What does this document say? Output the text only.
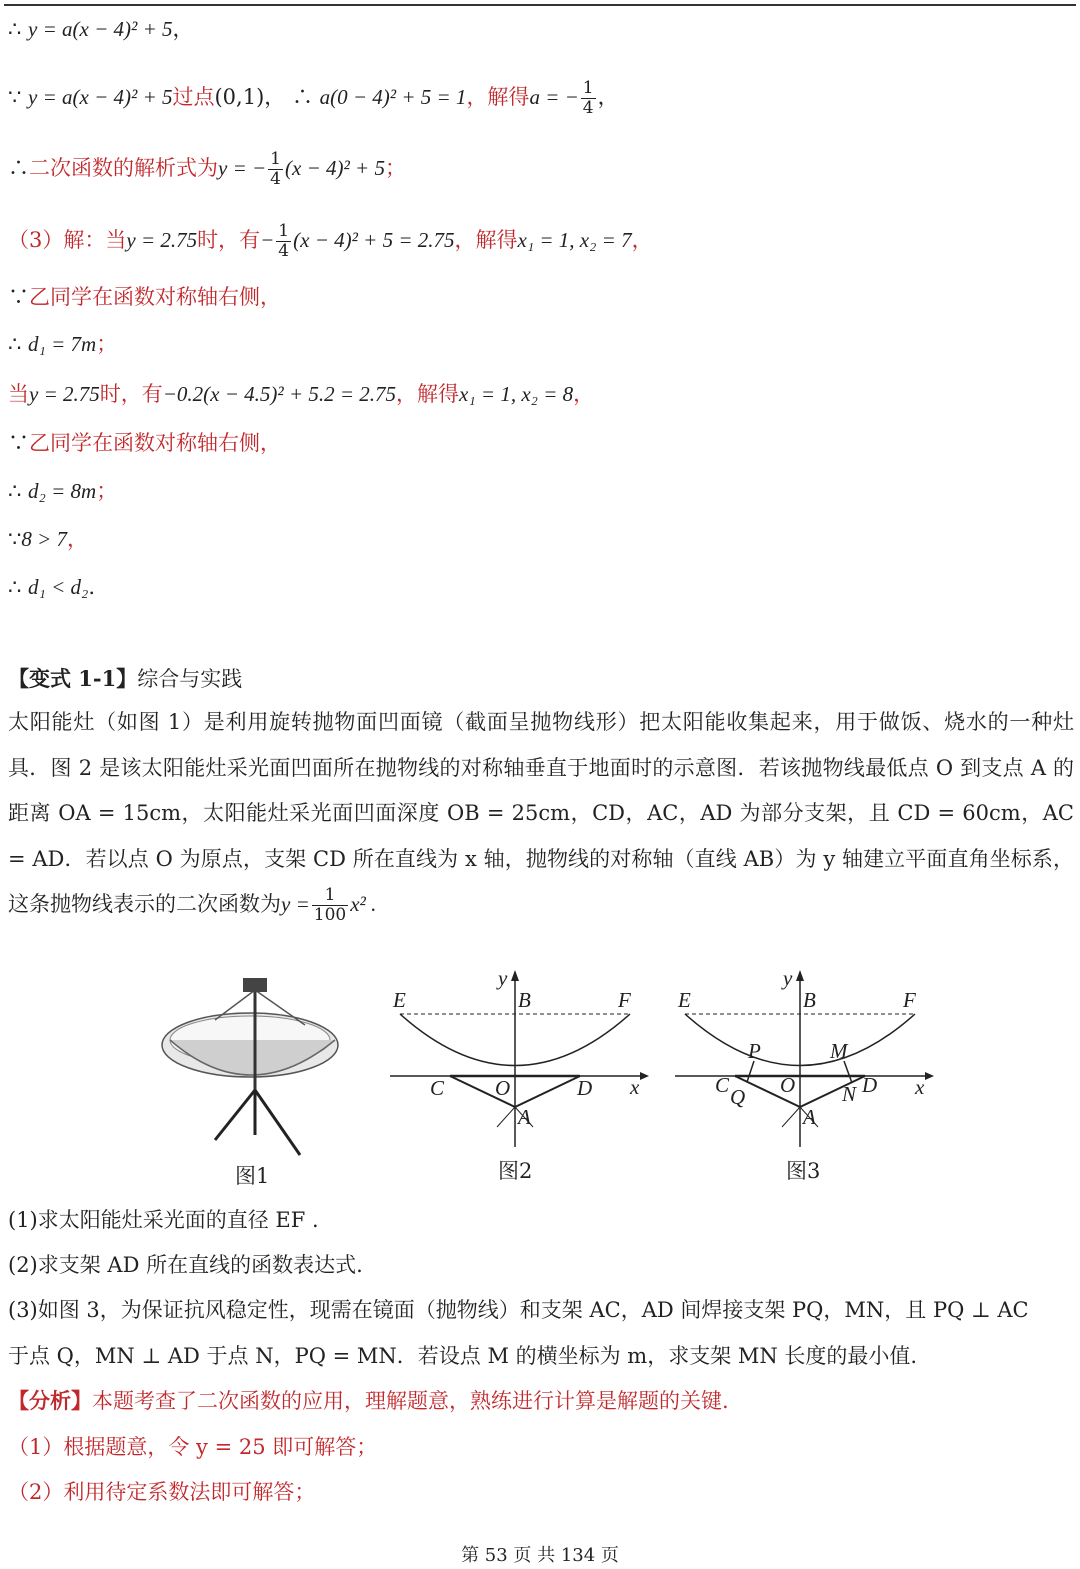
∴ y = a(x − 4)² + 5，
∵ y = a(x − 4)² + 5过点(0,1)， ∴ a(0 − 4)² + 5 = 1，解得a = − $\frac{1}{4}$ ，
∴二次函数的解析式为y = − $\frac{1}{4} (x - 4)^2 + 5$；
（3）解：当y = 2.75时，有− $\frac{1}{4} (x - 4)^2 + 5 = 2.75$，解得x₁ = 1, x₂ = 7，
∵乙同学在函数对称轴右侧，
∴ d₁ = 7m；
当y = 2.75时，有−0.2(x − 4.5)² + 5.2 = 2.75，解得x₁ = 1, x₂ = 8，
∵乙同学在函数对称轴右侧，
∴ d₂ = 8m；
∵8 > 7，
∴ d₁ < d₂.
【变式 1-1】综合与实践
太阳能灶（如图 1）是利用旋转抛物面凹面镜（截面呈抛物线形）把太阳能收集起来，用于做饭、烧水的一种灶具．图 2 是该太阳能灶采光面凹面所在抛物线的对称轴垂直于地面时的示意图．若该抛物线最低点 O 到支点 A 的距离 OA = 15cm，太阳能灶采光面凹面深度 OB = 25cm，CD，AC，AD 为部分支架，且 CD = 60cm，AC = AD．若以点 O 为原点，支架 CD 所在直线为 x 轴，抛物线的对称轴（直线 AB）为 y 轴建立平面直角坐标系，这条抛物线表示的二次函数为$y = \frac{1}{100} x^2$ .
图1
E	B	F
y
C O	D x
A
图2
E	B	F
y
P	M
C Q O N D x
A
图3
(1)求太阳能灶采光面的直径 EF .
(2)求支架 AD 所在直线的函数表达式.
(3)如图 3，为保证抗风稳定性，现需在镜面（抛物线）和支架 AC，AD 间焊接支架 PQ，MN，且 PQ ⊥ AC
于点 Q，MN ⊥ AD 于点 N，PQ = MN．若设点 M 的横坐标为 m，求支架 MN 长度的最小值.
【分析】本题考查了二次函数的应用，理解题意，熟练进行计算是解题的关键.
（1）根据题意，令 y = 25 即可解答；
（2）利用待定系数法即可解答；
第 53 页 共 134 页
